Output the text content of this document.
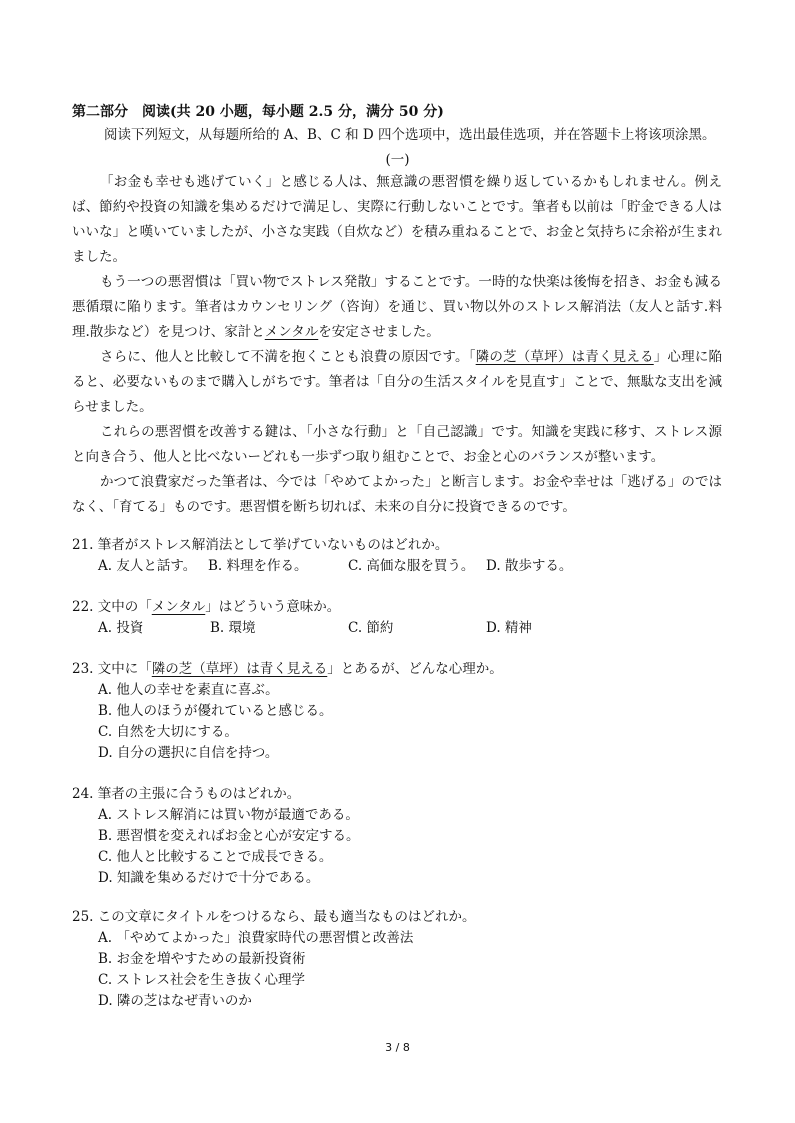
第二部分　阅读(共 20 小题，每小题 2.5 分，满分 50 分)
阅读下列短文，从每题所给的 A、B、C 和 D 四个选项中，选出最佳选项，并在答题卡上将该项涂黑。
(一)

「お金も幸せも逃げていく」と感じる人は、無意識の悪習慣を繰り返しているかもしれません。例えば、節約や投資の知識を集めるだけで満足し、実際に行動しないことです。筆者も以前は「貯金できる人はいいな」と嘆いていましたが、小さな実践（自炊など）を積み重ねることで、お金と気持ちに余裕が生まれました。

もう一つの悪習慣は「買い物でストレス発散」することです。一時的な快楽は後悔を招き、お金も減る悪循環に陥ります。筆者はカウンセリング（咨询）を通じ、買い物以外のストレス解消法（友人と話す.料理.散歩など）を見つけ、家計とメンタルを安定させました。

さらに、他人と比較して不満を抱くことも浪費の原因です。「隣の芝（草坪）は青く見える」心理に陥ると、必要ないものまで購入しがちです。筆者は「自分の生活スタイルを見直す」ことで、無駄な支出を減らせました。

これらの悪習慣を改善する鍵は、「小さな行動」と「自己認識」です。知識を実践に移す、ストレス源と向き合う、他人と比べないーどれも一歩ずつ取り組むことで、お金と心のバランスが整います。

かつて浪費家だった筆者は、今では「やめてよかった」と断言します。お金や幸せは「逃げる」のではなく、「育てる」ものです。悪習慣を断ち切れば、未来の自分に投資できるのです。

21. 筆者がストレス解消法として挙げていないものはどれか。
A. 友人と話す。 B. 料理を作る。	C. 高価な服を買う。 D. 散歩する。
22. 文中の「メンタル」はどういう意味か。
A. 投資	B. 環境	C. 節約	D. 精神
23. 文中に「隣の芝（草坪）は青く見える」とあるが、どんな心理か。
A. 他人の幸せを素直に喜ぶ。
B. 他人のほうが優れていると感じる。
C. 自然を大切にする。
D. 自分の選択に自信を持つ。
24. 筆者の主張に合うものはどれか。
A. ストレス解消には買い物が最適である。
B. 悪習慣を変えればお金と心が安定する。
C. 他人と比較することで成長できる。
D. 知識を集めるだけで十分である。
25. この文章にタイトルをつけるなら、最も適当なものはどれか。
A. 「やめてよかった」浪費家時代の悪習慣と改善法
B. お金を増やすための最新投資術
C. ストレス社会を生き抜く心理学
D. 隣の芝はなぜ青いのか
3 / 8
